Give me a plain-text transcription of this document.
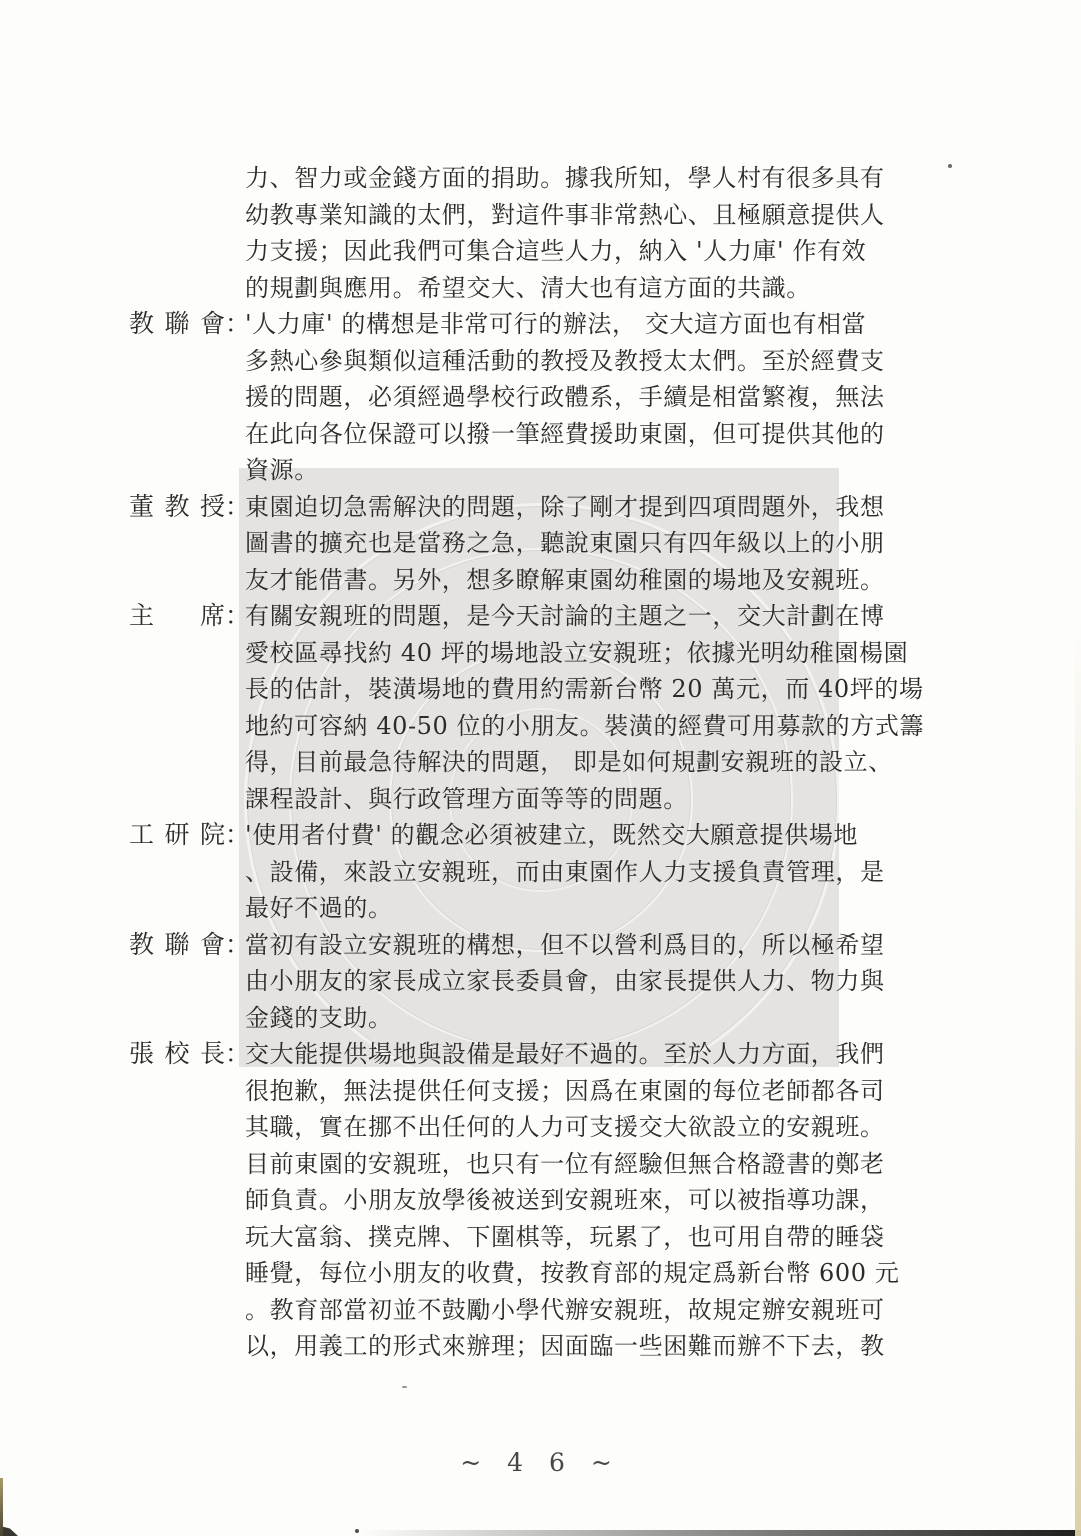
力、智力或金錢方面的捐助。據我所知，學人村有很多具有
幼教專業知識的太們，對這件事非常熱心、且極願意提供人
力支援；因此我們可集合這些人力，納入 '人力庫' 作有效
的規劃與應用。希望交大、清大也有這方面的共識。
教聯會 ：
'人力庫' 的構想是非常可行的辦法， 交大這方面也有相當
多熱心參與類似這種活動的教授及教授太太們。至於經費支
援的問題，必須經過學校行政體系，手續是相當繁複，無法
在此向各位保證可以撥一筆經費援助東園，但可提供其他的
資源。
董教授 ：
東園迫切急需解決的問題，除了剛才提到四項問題外，我想
圖書的擴充也是當務之急，聽說東園只有四年級以上的小朋
友才能借書。另外，想多瞭解東園幼稚園的場地及安親班。
主席 ：
有關安親班的問題，是今天討論的主題之一，交大計劃在博
愛校區尋找約 40 坪的場地設立安親班；依據光明幼稚園楊園
長的估計，裝潢場地的費用約需新台幣 20 萬元，而 40坪的場
地約可容納 40-50 位的小朋友。裝潢的經費可用募款的方式籌
得，目前最急待解決的問題， 即是如何規劃安親班的設立、
課程設計、與行政管理方面等等的問題。
工研院 ：
'使用者付費' 的觀念必須被建立，既然交大願意提供場地
、設備，來設立安親班，而由東園作人力支援負責管理，是
最好不過的。
教聯會 ：
當初有設立安親班的構想，但不以營利爲目的，所以極希望
由小朋友的家長成立家長委員會，由家長提供人力、物力與
金錢的支助。
張校長 ：
交大能提供場地與設備是最好不過的。至於人力方面，我們
很抱歉，無法提供任何支援；因爲在東園的每位老師都各司
其職，實在挪不出任何的人力可支援交大欲設立的安親班。
目前東園的安親班，也只有一位有經驗但無合格證書的鄭老
師負責。小朋友放學後被送到安親班來，可以被指導功課，
玩大富翁、撲克牌、下圍棋等，玩累了，也可用自帶的睡袋
睡覺，每位小朋友的收費，按教育部的規定爲新台幣 600 元
。教育部當初並不鼓勵小學代辦安親班，故規定辦安親班可
以，用義工的形式來辦理；因面臨一些困難而辦不下去，教
~ 4 6 ~
